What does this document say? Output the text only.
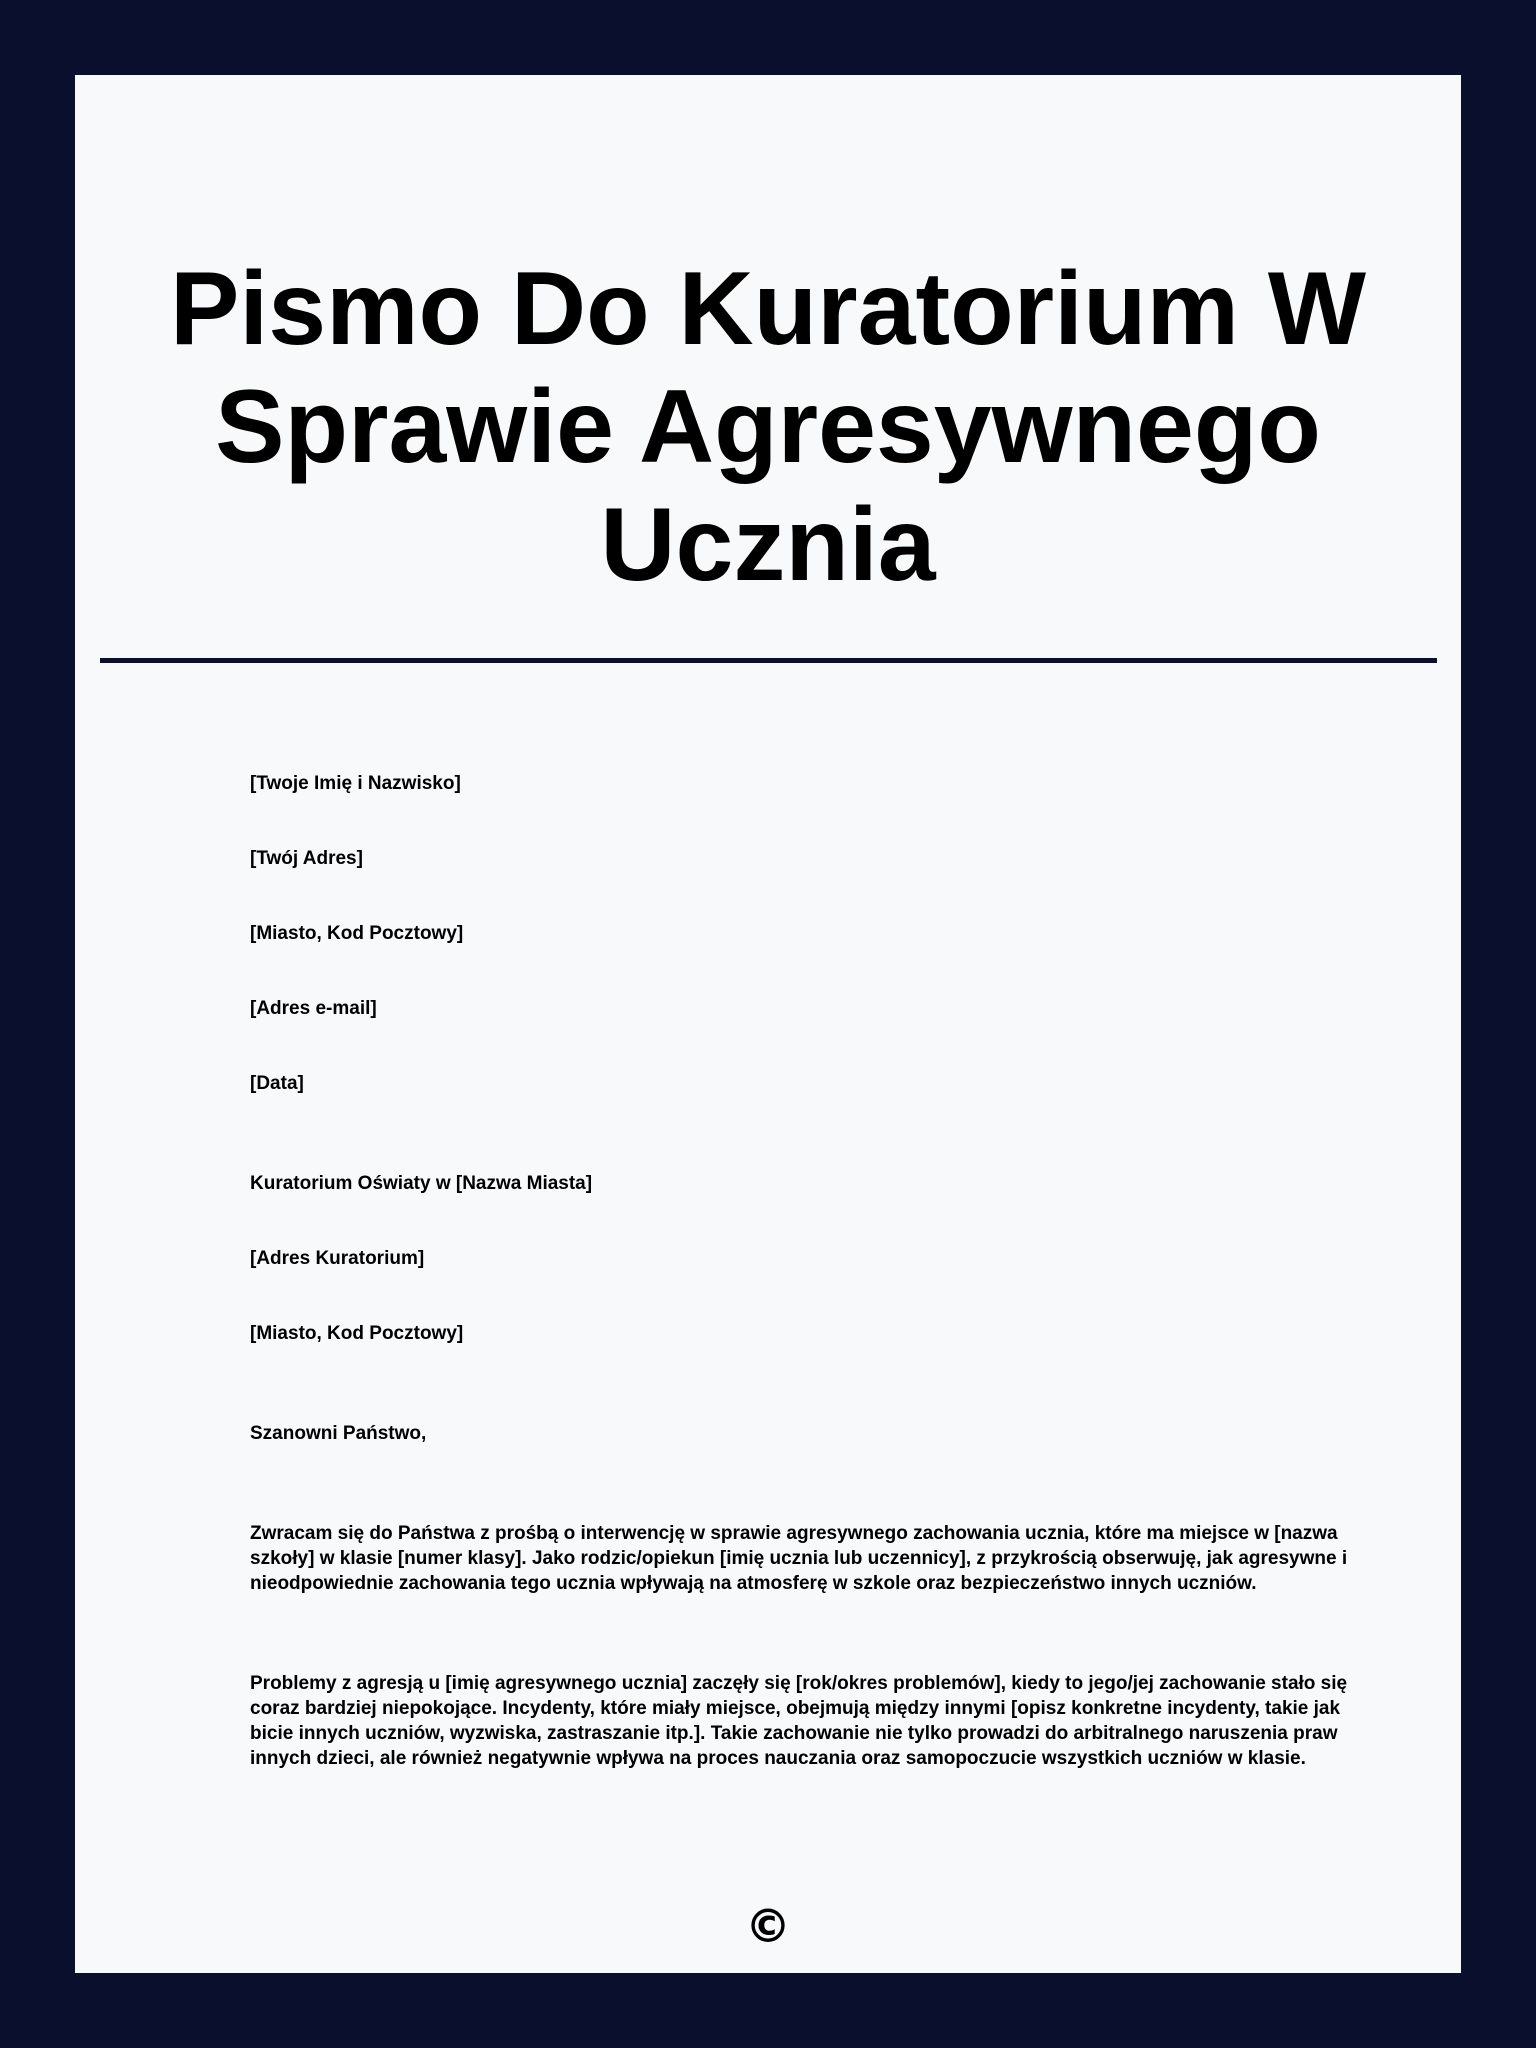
Pismo Do Kuratorium W Sprawie Agresywnego Ucznia

[Twoje Imię i Nazwisko]

[Twój Adres]

[Miasto, Kod Pocztowy]

[Adres e-mail]

[Data]

Kuratorium Oświaty w [Nazwa Miasta]

[Adres Kuratorium]

[Miasto, Kod Pocztowy]

Szanowni Państwo,

Zwracam się do Państwa z prośbą o interwencję w sprawie agresywnego zachowania ucznia, które ma miejsce w [nazwa szkoły] w klasie [numer klasy]. Jako rodzic/opiekun [imię ucznia lub uczennicy], z przykrością obserwuję, jak agresywne i nieodpowiednie zachowania tego ucznia wpływają na atmosferę w szkole oraz bezpieczeństwo innych uczniów.

Problemy z agresją u [imię agresywnego ucznia] zaczęły się [rok/okres problemów], kiedy to jego/jej zachowanie stało się coraz bardziej niepokojące. Incydenty, które miały miejsce, obejmują między innymi [opisz konkretne incydenty, takie jak bicie innych uczniów, wyzwiska, zastraszanie itp.]. Takie zachowanie nie tylko prowadzi do arbitralnego naruszenia praw innych dzieci, ale również negatywnie wpływa na proces nauczania oraz samopoczucie wszystkich uczniów w klasie.

©
